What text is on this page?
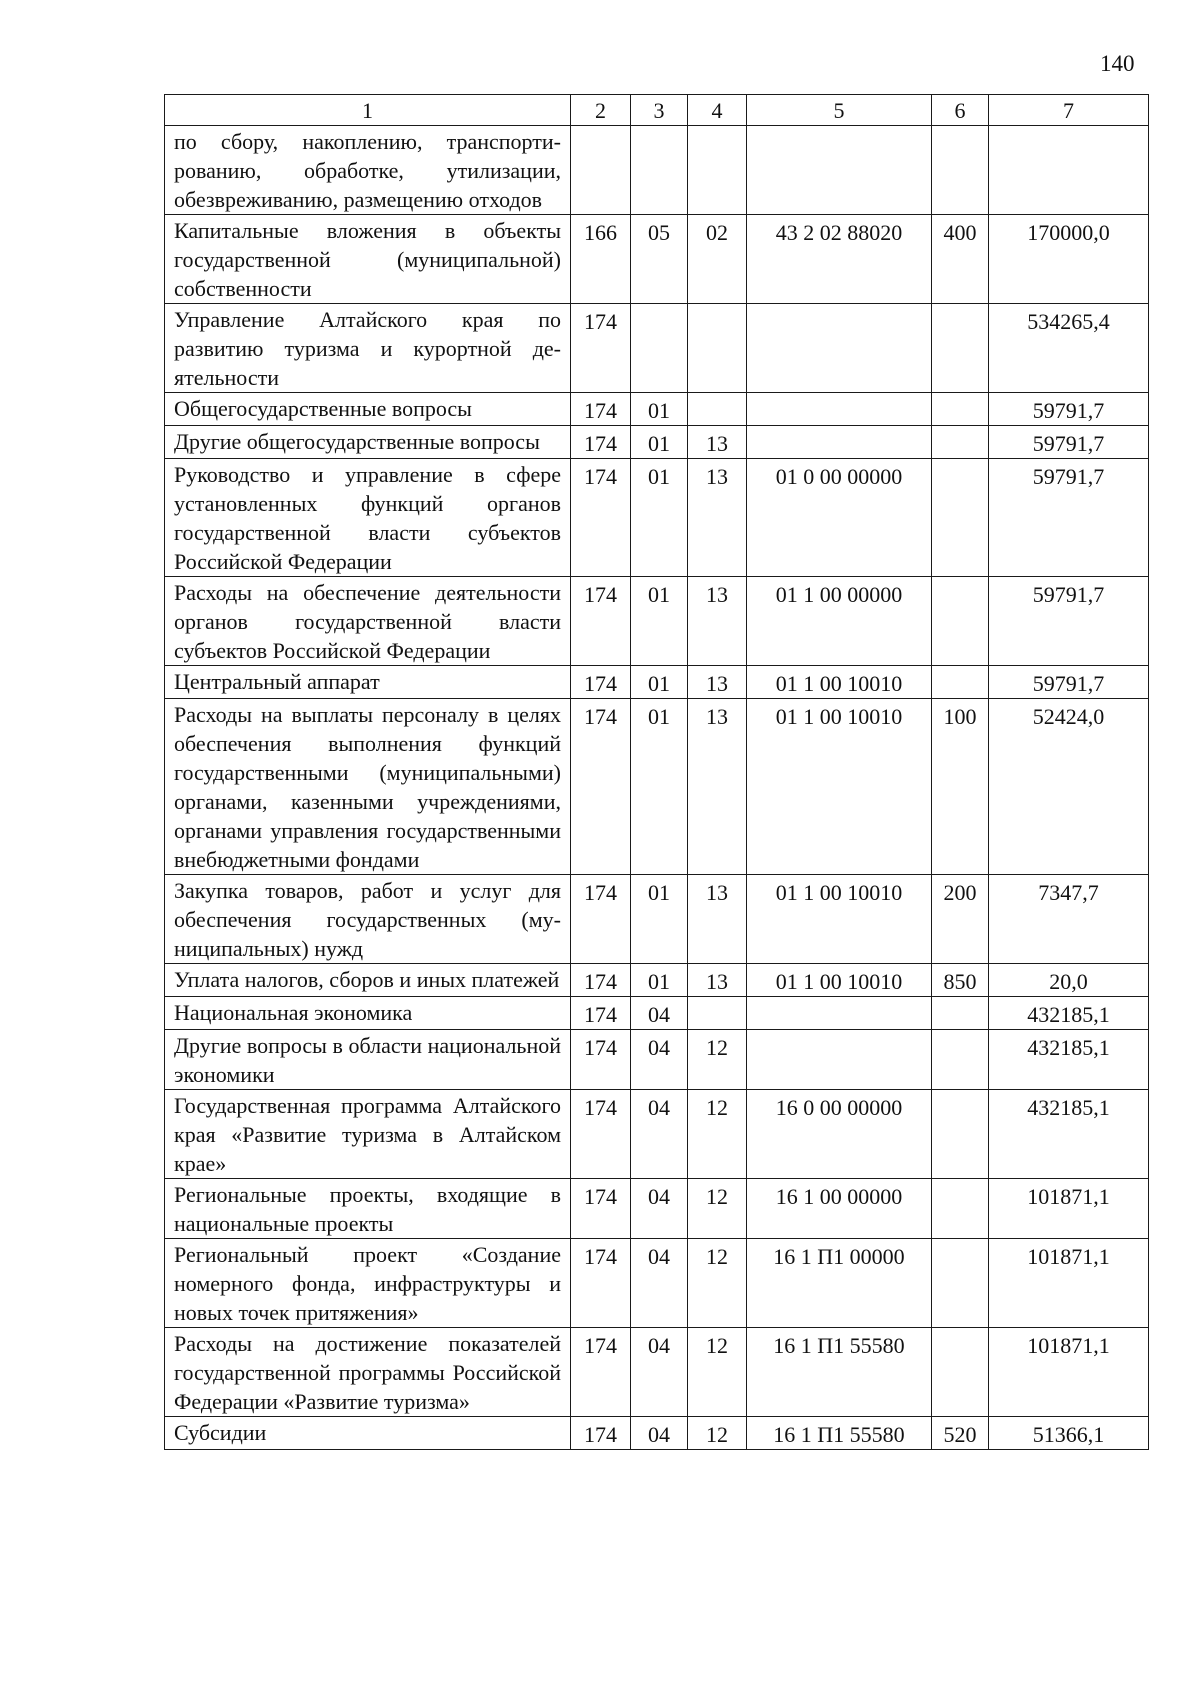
140
1	2	3	4	5	6	7
по сбору, накоплению, транспортированию, обработке, утилизации, обезвреживанию, размещению отходов						
Капитальные вложения в объекты государственной (муниципальной) собственности	166	05	02	43 2 02 88020	400	170000,0
Управление Алтайского края по развитию туризма и курортной деятельности	174					534265,4
Общегосударственные вопросы	174	01				59791,7
Другие общегосударственные вопросы	174	01	13			59791,7
Руководство и управление в сфере установленных функций органов государственной власти субъектов Российской Федерации	174	01	13	01 0 00 00000		59791,7
Расходы на обеспечение деятельности органов государственной власти субъектов Российской Федерации	174	01	13	01 1 00 00000		59791,7
Центральный аппарат	174	01	13	01 1 00 10010		59791,7
Расходы на выплаты персоналу в целях обеспечения выполнения функций государственными (муниципальными) органами, казенными учреждениями, органами управления государственными внебюджетными фондами	174	01	13	01 1 00 10010	100	52424,0
Закупка товаров, работ и услуг для обеспечения государственных (муниципальных) нужд	174	01	13	01 1 00 10010	200	7347,7
Уплата налогов, сборов и иных платежей	174	01	13	01 1 00 10010	850	20,0
Национальная экономика	174	04				432185,1
Другие вопросы в области национальной экономики	174	04	12			432185,1
Государственная программа Алтайского края «Развитие туризма в Алтайском крае»	174	04	12	16 0 00 00000		432185,1
Региональные проекты, входящие в национальные проекты	174	04	12	16 1 00 00000		101871,1
Региональный проект «Создание номерного фонда, инфраструктуры и новых точек притяжения»	174	04	12	16 1 П1 00000		101871,1
Расходы на достижение показателей государственной программы Российской Федерации «Развитие туризма»	174	04	12	16 1 П1 55580		101871,1
Субсидии	174	04	12	16 1 П1 55580	520	51366,1
